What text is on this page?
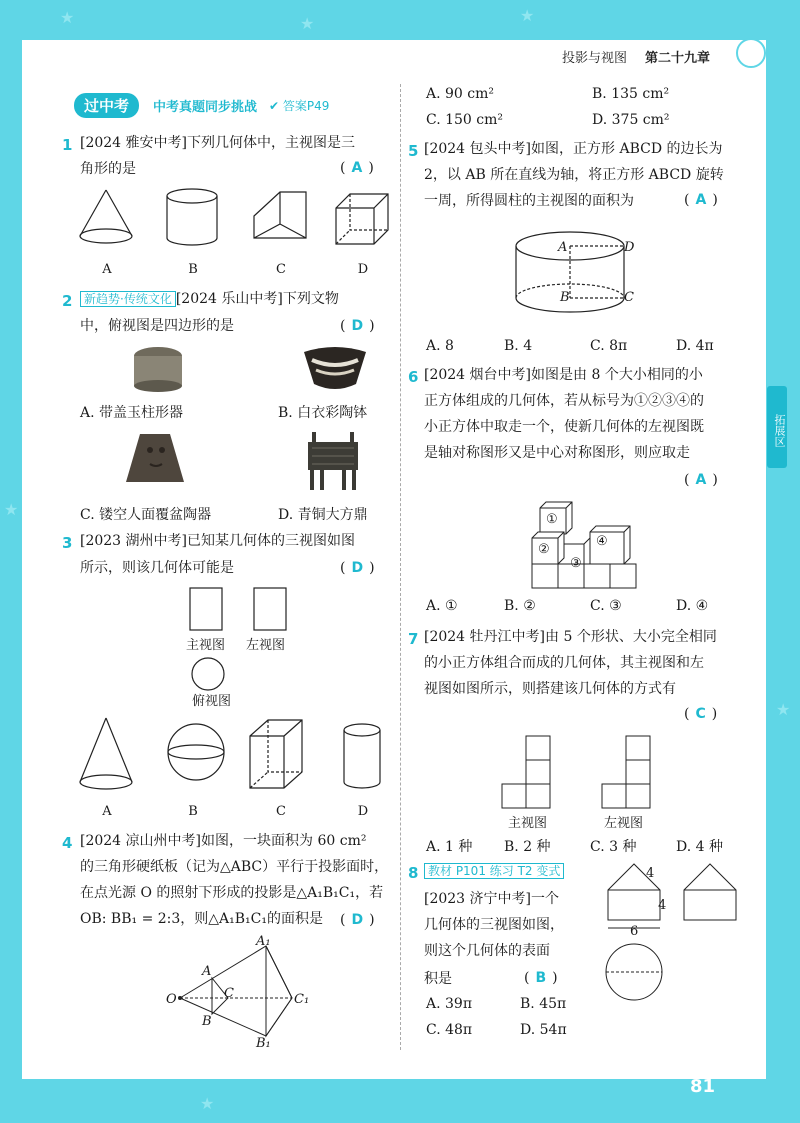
★	★	★
★
★
★
投影与视图 第二十九章
拓展区
过中考	中考真题同步挑战 ✔ 答案P49
1 [2024 雅安中考]下列几何体中，主视图是三
角形的是	( A )
A	B	C	D
2 新趋势·传统文化 [2024 乐山中考]下列文物
中，俯视图是四边形的是	( D )
A. 带盖玉柱形器	B. 白衣彩陶钵
C. 镂空人面覆盆陶器	D. 青铜大方鼎
3 [2023 湖州中考]已知某几何体的三视图如图
所示，则该几何体可能是	( D )
主视图 左视图
俯视图
A	B	C	D
4 [2024 凉山州中考]如图，一块面积为 60 cm²
的三角形硬纸板（记为△ABC）平行于投影面时，
在点光源 O 的照射下形成的投影是△A₁B₁C₁，若
OB: BB₁ = 2:3，则△A₁B₁C₁的面积是 ( D )
O
A
B
C
A₁
B₁
C₁
A. 90 cm²	B. 135 cm²
C. 150 cm²	D. 375 cm²
5 [2024 包头中考]如图，正方形 ABCD 的边长为
2，以 AB 所在直线为轴，将正方形 ABCD 旋转
一周，所得圆柱的主视图的面积为	( A )
A	D
B	C
A. 8	B. 4	C. 8π	D. 4π
6 [2024 烟台中考]如图是由 8 个大小相同的小
正方体组成的几何体，若从标号为①②③④的
小正方体中取走一个，使新几何体的左视图既
是轴对称图形又是中心对称图形，则应取走
( A )
①
②
③
④
A. ①	B. ②	C. ③	D. ④
7 [2024 牡丹江中考]由 5 个形状、大小完全相同
的小正方体组合而成的几何体，其主视图和左
视图如图所示，则搭建该几何体的方式有
( C )
主视图	左视图
A. 1 种 B. 2 种	C. 3 种	D. 4 种
8 教材 P101 练习 T2 变式
[2023 济宁中考]一个
几何体的三视图如图，
则这个几何体的表面
积是	( B )
4
4
6
A. 39π	B. 45π
C. 48π	D. 54π
81
